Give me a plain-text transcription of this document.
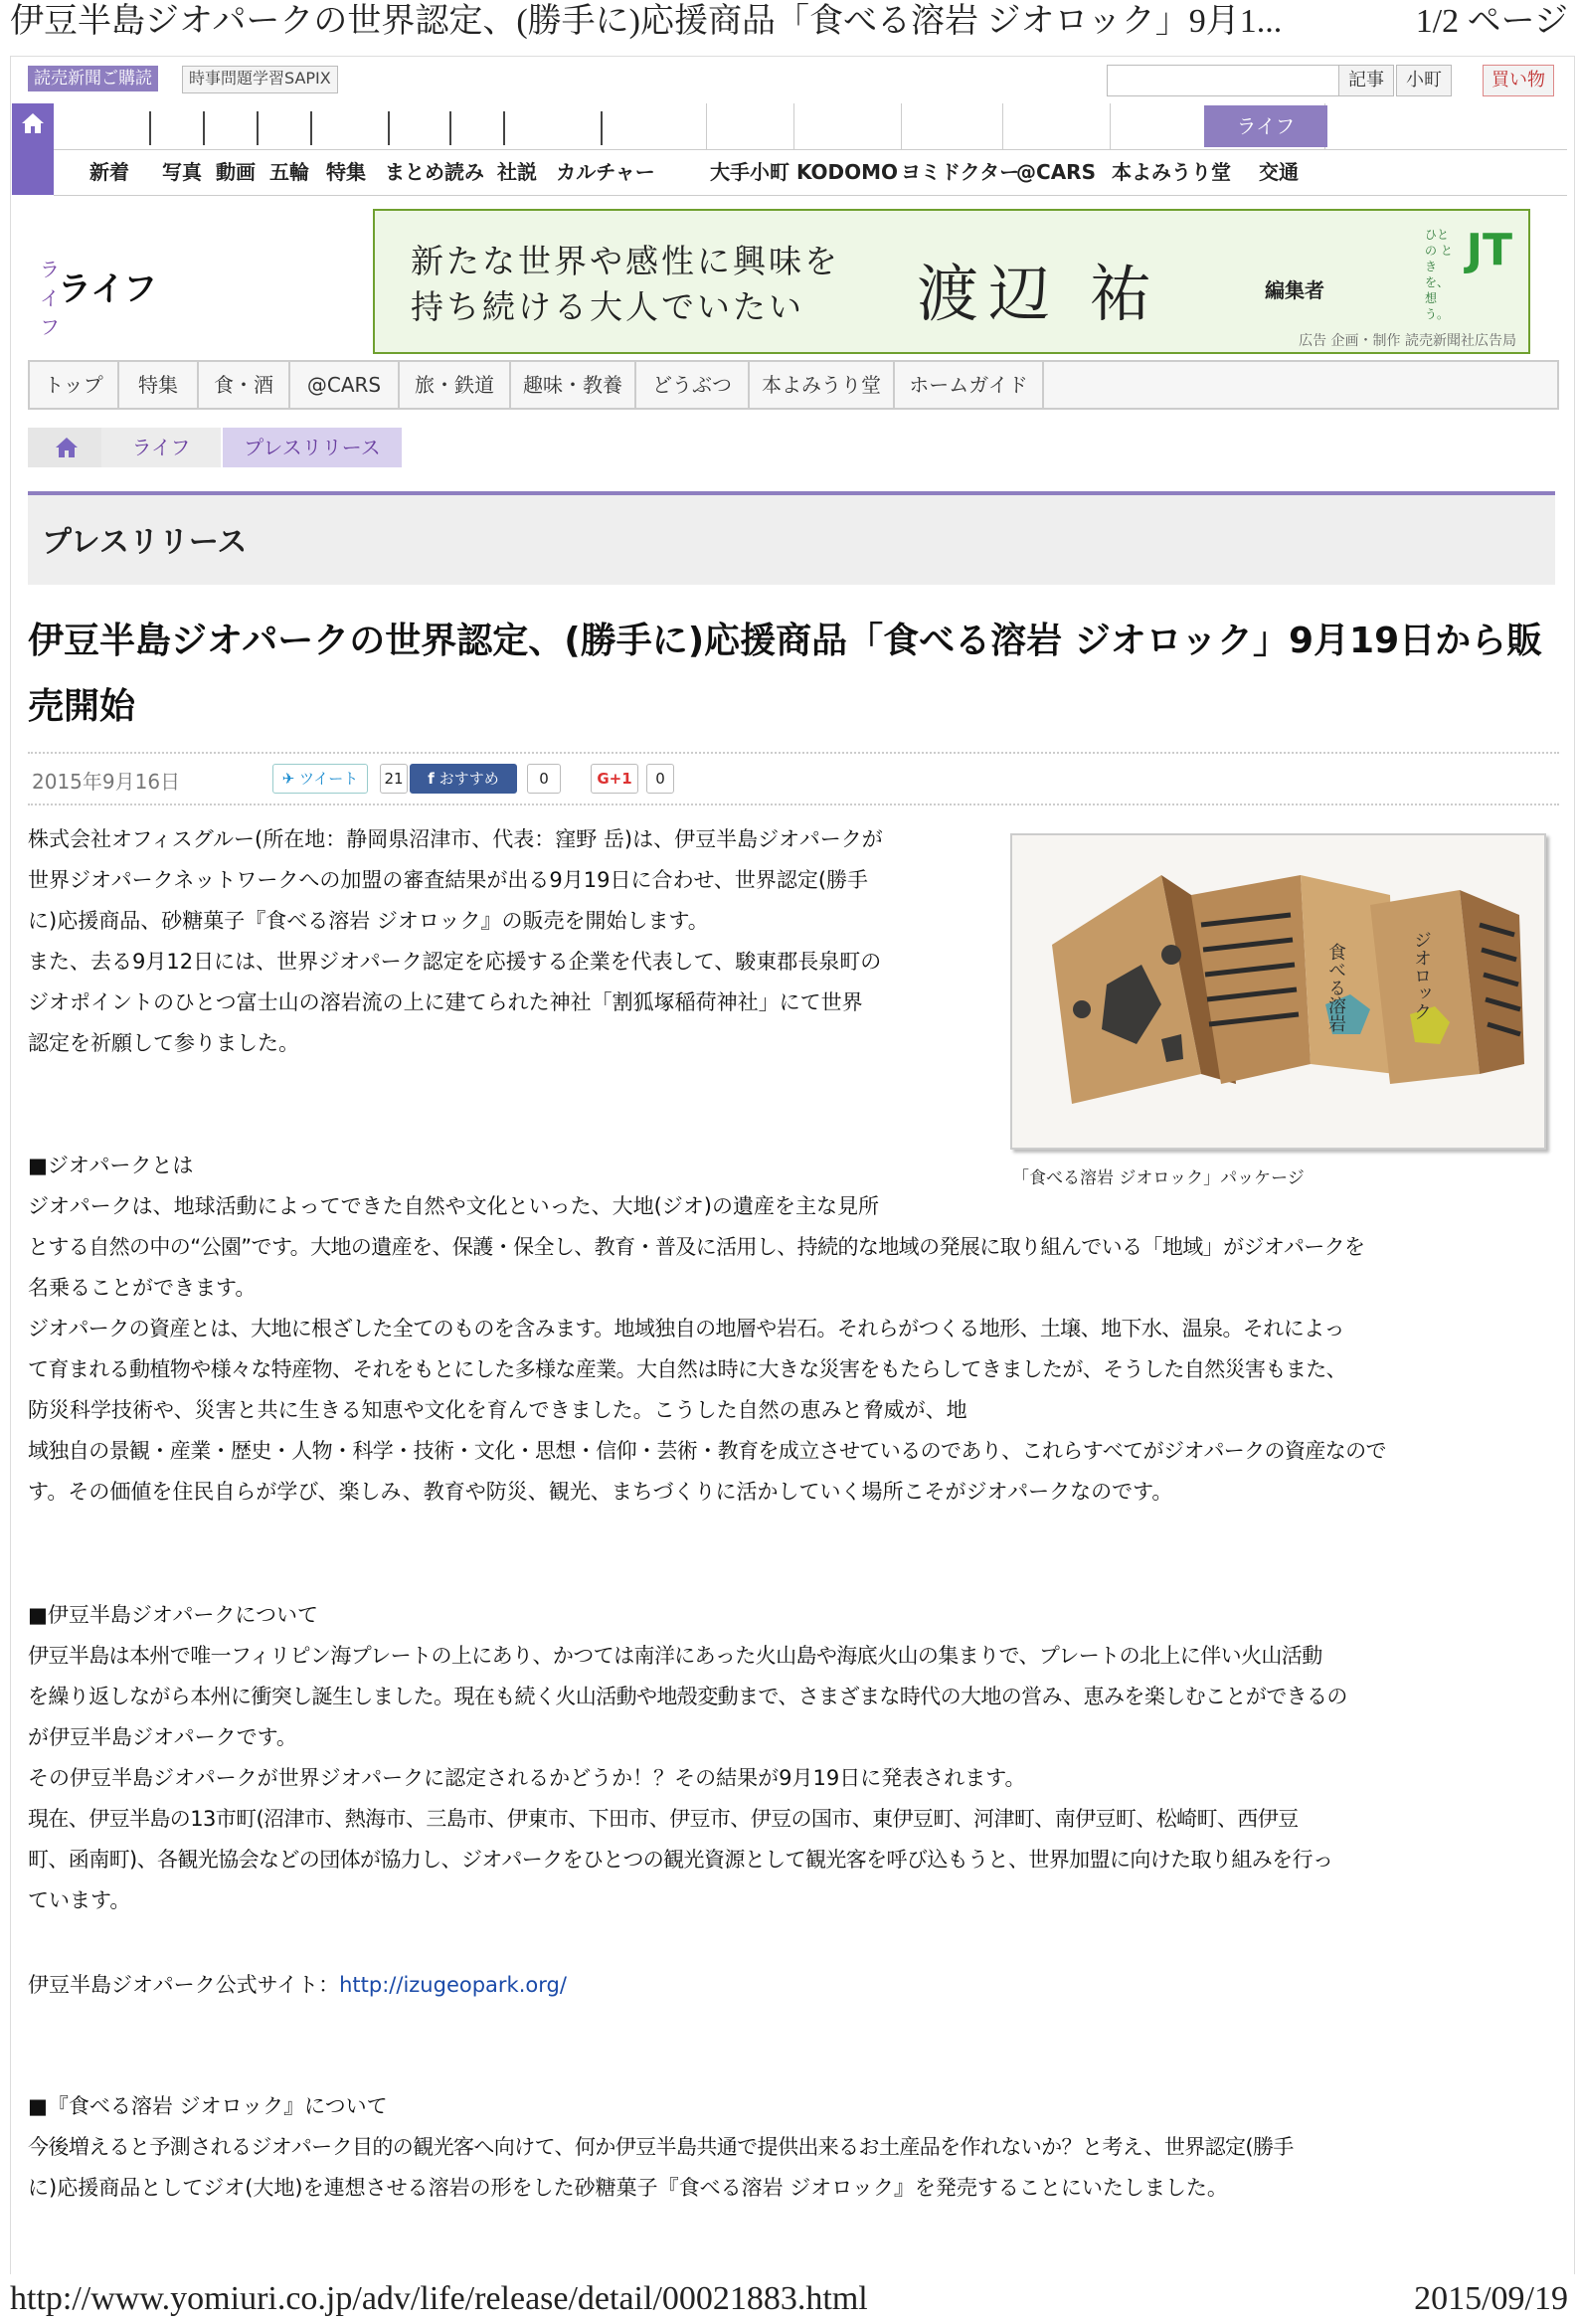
伊豆半島ジオパークの世界認定、(勝手に)応援商品「食べる溶岩 ジオロック」9月1...	1/2 ページ
読売新聞ご購読	時事問題学習SAPIX	記事	小町	買い物
ライフ
新着	写真 動画 五輪 特集 まとめ読み 社説 カルチャー	大手小町 KODOMO ヨミドクター
@CARS 本よみうり堂	交通
ライフ
ライフ
新たな世界や感性に興味を
持ち続ける大人でいたい	渡辺 祐	編集者
ひとの ときを、想う。
JT
広告 企画・制作 読売新聞社広告局
トップ	特集	食・酒	@CARS	旅・鉄道	趣味・教養	どうぶつ	本よみうり堂	ホームガイド
ライフ	プレスリリース
プレスリリース
伊豆半島ジオパークの世界認定、(勝手に)応援商品「食べる溶岩 ジオロック」9月19日から販売開始
2015年9月16日	✈ ツイート	21	f おすすめ	0	G+1	0
株式会社オフィスグルー(所在地：静岡県沼津市、代表：窪野 岳)は、伊豆半島ジオパークが
世界ジオパークネットワークへの加盟の審査結果が出る9月19日に合わせ、世界認定(勝手
に)応援商品、砂糖菓子『食べる溶岩 ジオロック』の販売を開始します。
また、去る9月12日には、世界ジオパーク認定を応援する企業を代表して、駿東郡長泉町の
ジオポイントのひとつ富士山の溶岩流の上に建てられた神社「割狐塚稲荷神社」にて世界
認定を祈願して参りました。
食べる溶岩	ジオロック
「食べる溶岩 ジオロック」パッケージ
■ジオパークとは
ジオパークは、地球活動によってできた自然や文化といった、大地(ジオ)の遺産を主な見所
とする自然の中の“公園”です。大地の遺産を、保護・保全し、教育・普及に活用し、持続的な地域の発展に取り組んでいる「地域」がジオパークを
名乗ることができます。
ジオパークの資産とは、大地に根ざした全てのものを含みます。地域独自の地層や岩石。それらがつくる地形、土壌、地下水、温泉。それによっ
て育まれる動植物や様々な特産物、それをもとにした多様な産業。大自然は時に大きな災害をもたらしてきましたが、そうした自然災害もまた、
防災科学技術や、災害と共に生きる知恵や文化を育んできました。こうした自然の恵みと脅威が、地
域独自の景観・産業・歴史・人物・科学・技術・文化・思想・信仰・芸術・教育を成立させているのであり、これらすべてがジオパークの資産なので
す。その価値を住民自らが学び、楽しみ、教育や防災、観光、まちづくりに活かしていく場所こそがジオパークなのです。
■伊豆半島ジオパークについて
伊豆半島は本州で唯一フィリピン海プレートの上にあり、かつては南洋にあった火山島や海底火山の集まりで、プレートの北上に伴い火山活動
を繰り返しながら本州に衝突し誕生しました。現在も続く火山活動や地殻変動まで、さまざまな時代の大地の営み、恵みを楽しむことができるの
が伊豆半島ジオパークです。
その伊豆半島ジオパークが世界ジオパークに認定されるかどうか！？その結果が9月19日に発表されます。
現在、伊豆半島の13市町(沼津市、熱海市、三島市、伊東市、下田市、伊豆市、伊豆の国市、東伊豆町、河津町、南伊豆町、松崎町、西伊豆
町、函南町)、各観光協会などの団体が協力し、ジオパークをひとつの観光資源として観光客を呼び込もうと、世界加盟に向けた取り組みを行っ
ています。
伊豆半島ジオパーク公式サイト：http://izugeopark.org/
■『食べる溶岩 ジオロック』について
今後増えると予測されるジオパーク目的の観光客へ向けて、何か伊豆半島共通で提供出来るお土産品を作れないか？と考え、世界認定(勝手
に)応援商品としてジオ(大地)を連想させる溶岩の形をした砂糖菓子『食べる溶岩 ジオロック』を発売することにいたしました。
http://www.yomiuri.co.jp/adv/life/release/detail/00021883.html	2015/09/19
